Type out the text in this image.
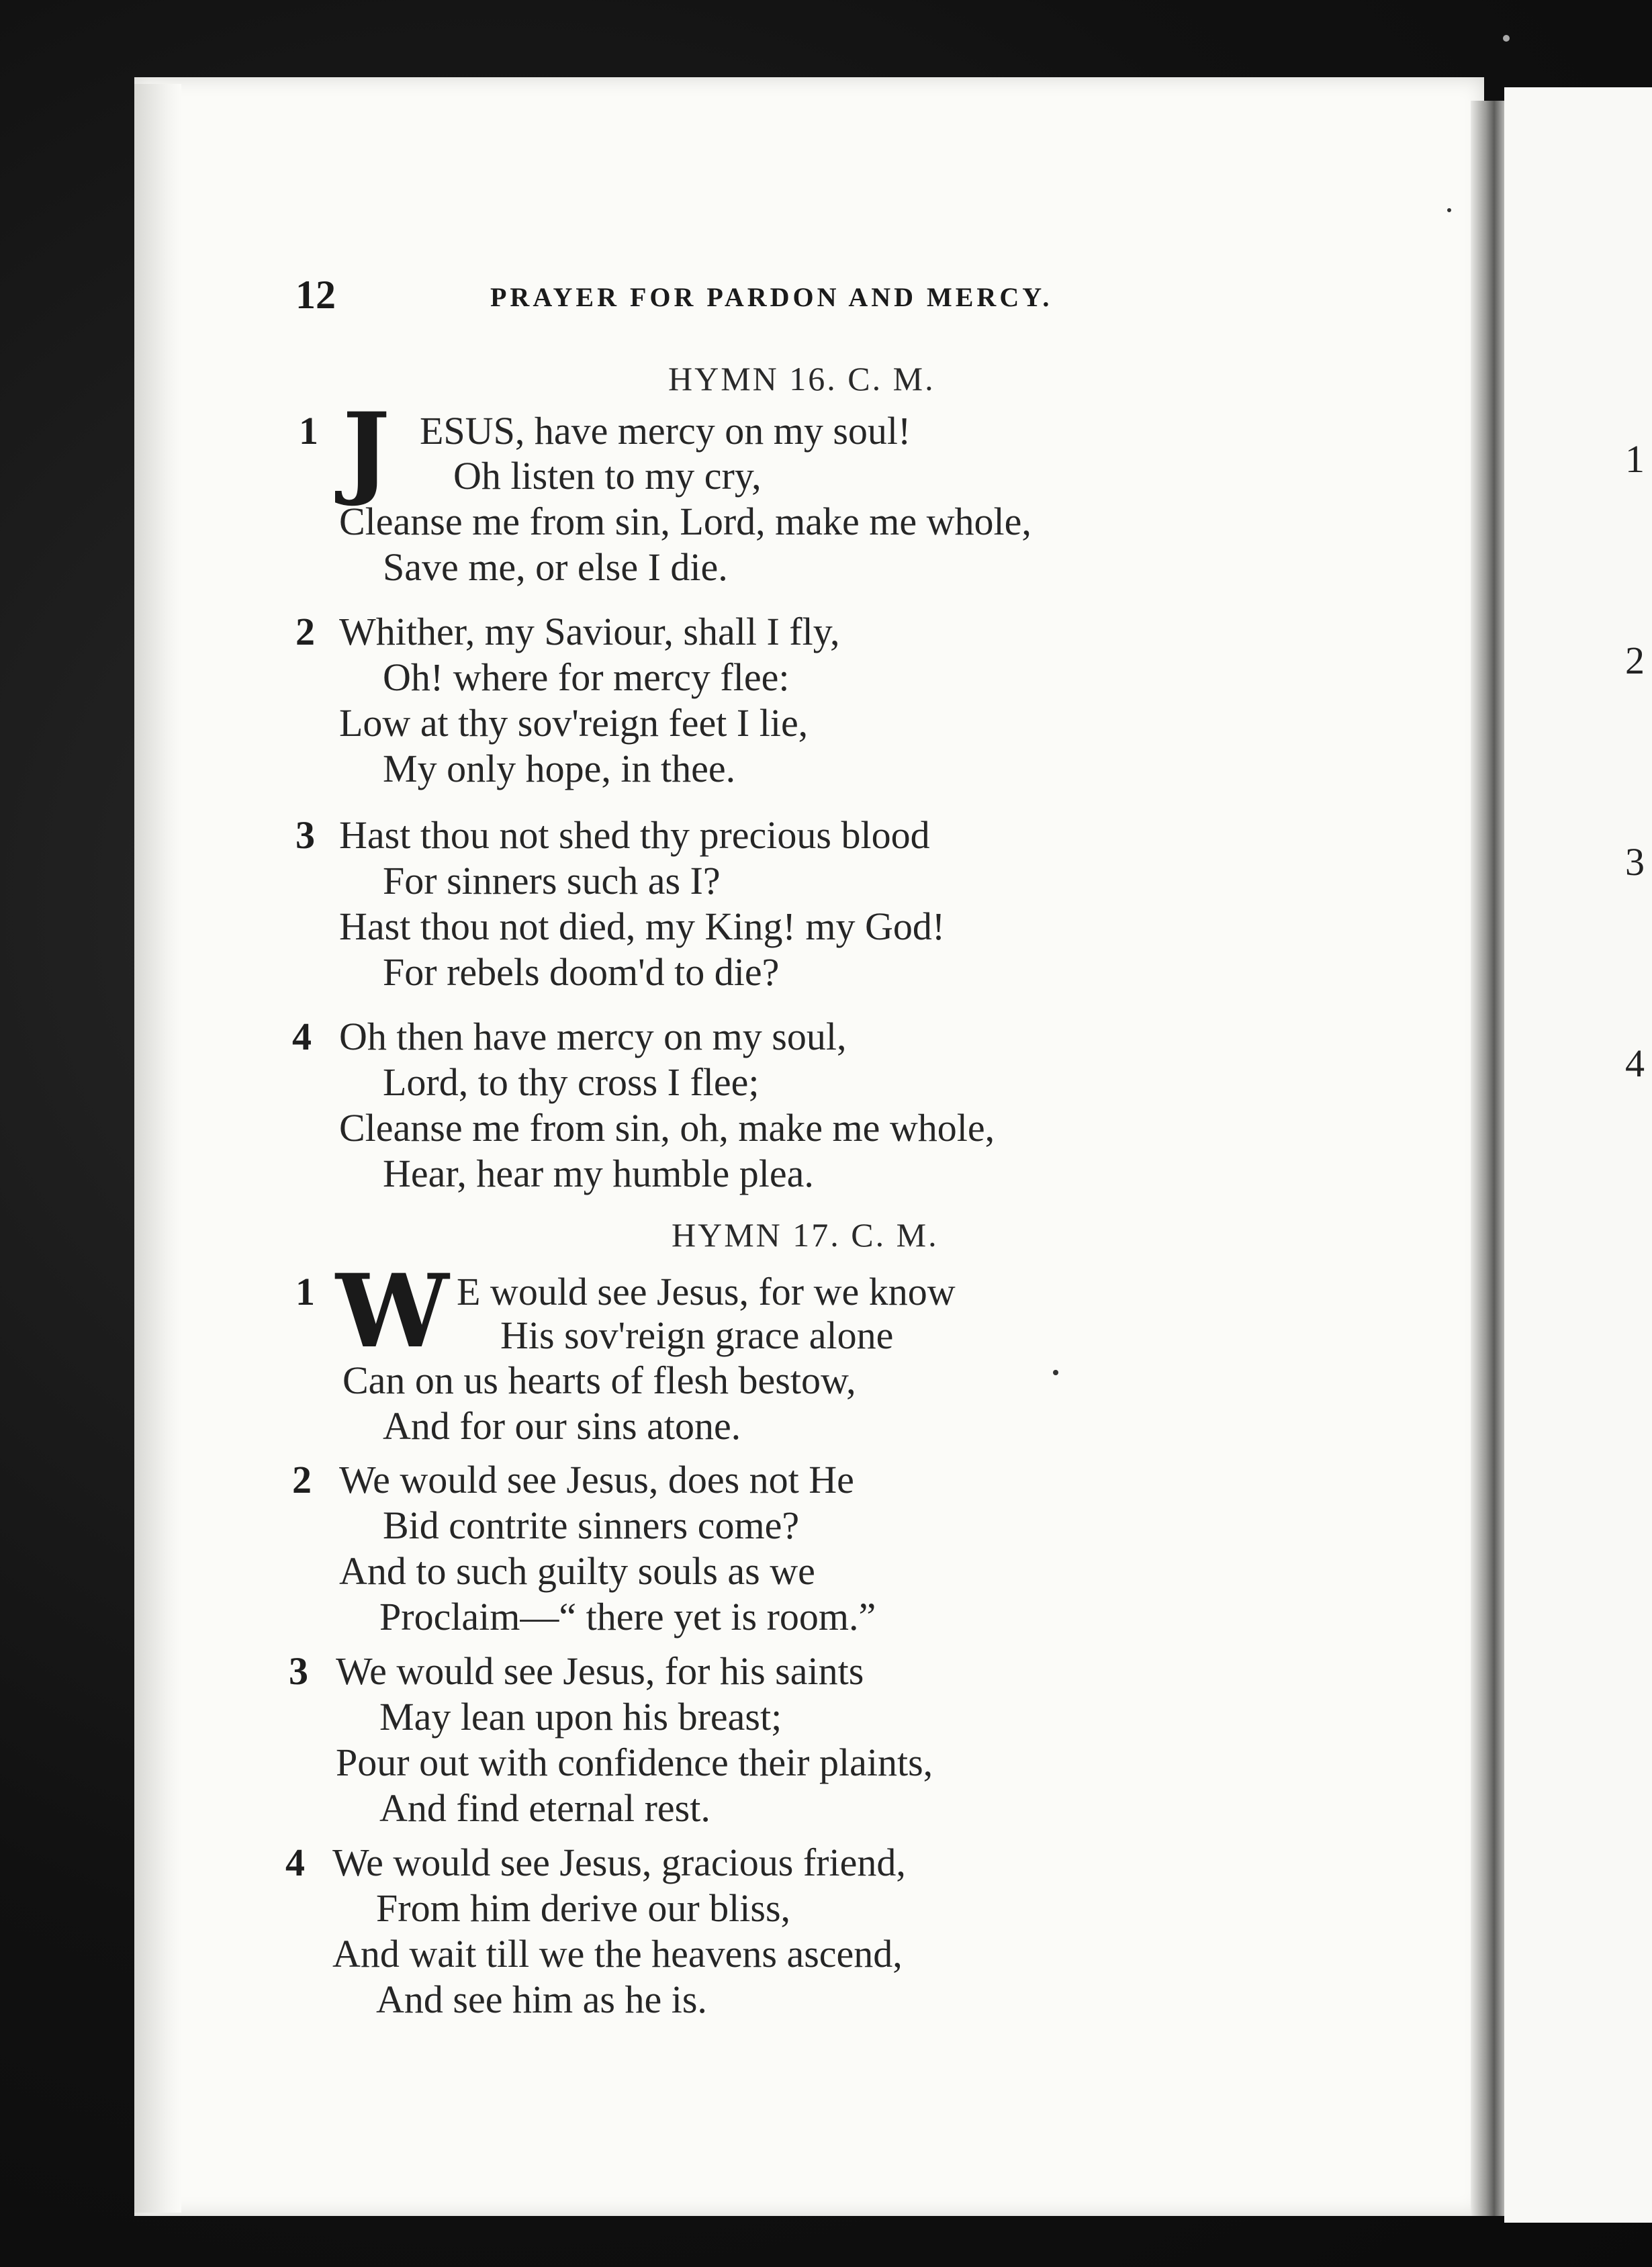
1
2
3
4
12	PRAYER FOR PARDON AND MERCY.
HYMN 16. C. M.
1 J ESUS, have mercy on my soul!
Oh listen to my cry,
Cleanse me from sin, Lord, make me whole,
Save me, or else I die.
2 Whither, my Saviour, shall I fly,
Oh! where for mercy flee:
Low at thy sov'reign feet I lie,
My only hope, in thee.
3 Hast thou not shed thy precious blood
For sinners such as I?
Hast thou not died, my King! my God!
For rebels doom'd to die?
4 Oh then have mercy on my soul,
Lord, to thy cross I flee;
Cleanse me from sin, oh, make me whole,
Hear, hear my humble plea.
HYMN 17. C. M.
1 W E would see Jesus, for we know
His sov'reign grace alone
Can on us hearts of flesh bestow,
And for our sins atone.
2 We would see Jesus, does not He
Bid contrite sinners come?
And to such guilty souls as we
Proclaim—“ there yet is room.”
3 We would see Jesus, for his saints
May lean upon his breast;
Pour out with confidence their plaints,
And find eternal rest.
4 We would see Jesus, gracious friend,
From him derive our bliss,
And wait till we the heavens ascend,
And see him as he is.
